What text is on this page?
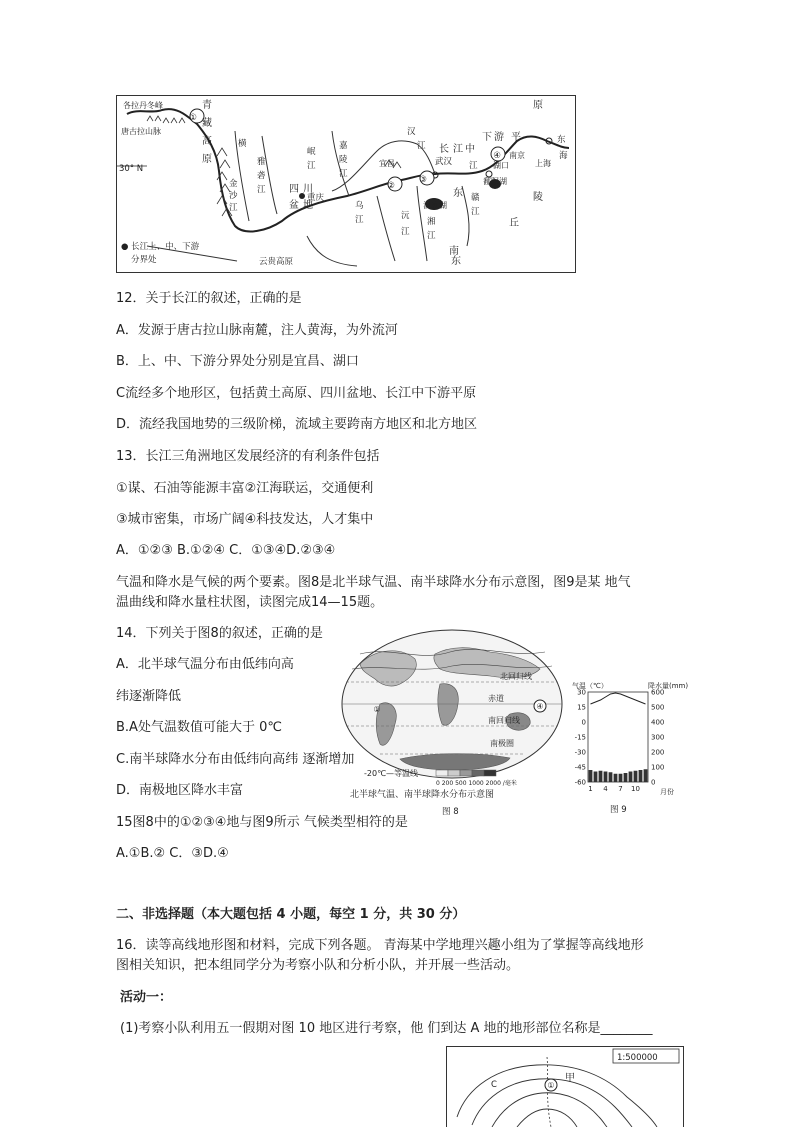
各拉丹冬峰
唐古拉山脉
30° N
①
青
藏
高
原
横
金
沙
江
雅
砻
江
岷
江
嘉
陵
江
汉
江
四 川
盆 地
重庆
宜昌
乌
江	沅
江
洞庭湖
湘
江
②
③
武汉
长 江 中
下 游
④
平
原
南京
上海
东
海
湖口
鄱阳湖
赣
江
江
东
南
丘
陵
东
● 长江上、中、下游
分界处	云贵高原
12．关于长江的叙述，正确的是
A．发源于唐古拉山脉南麓，注人黄海，为外流河
B．上、中、下游分界处分别是宜昌、湖口
C流经多个地形区，包括黄土高原、四川盆地、长江中下游平原
D．流经我国地势的三级阶梯，流域主要跨南方地区和北方地区
13．长江三角洲地区发展经济的有利条件包括
①谋、石油等能源丰富②江海联运，交通便利
③城市密集，市场广阔④科技发达，人才集中
A．①②③ B.①②④ C．①③④D.②③④
气温和降水是气候的两个要素。图8是北半球气温、南半球降水分布示意图，图9是某 地气
温曲线和降水量柱状图，读图完成14—15题。
14．下列关于图8的叙述，正确的是
A．北半球气温分布由低纬向高
纬逐渐降低
B.A处气温数值可能大于 0℃
C.南半球降水分布由低纬向高纬 逐渐增加
D．南极地区降水丰富
北回归线
赤道
南回归线
南极圈
④
①
-20℃—等温线
0 200 500 1000 2000 /毫米
北半球气温、南半球降水分布示意图
图 8
气温（℃）	降水量(mm)
30
15
0
-15
-30
-45
-60
600
500
400
300
200
100
0
1 4 7 10	月份
图 9
15图8中的①②③④地与图9所示 气候类型相符的是
A.①B.② C．③D.④
二、非选择题（本大题包括 4 小题，每空 1 分，共 30 分）
16．读等高线地形图和材料，完成下列各题。 青海某中学地理兴趣小组为了掌握等高线地形
图相关知识，把本组同学分为考察小队和分析小队，并开展一些活动。
活动一：
(1)考察小队利用五一假期对图 10 地区进行考察，他 们到达 A 地的地形部位名称是________
1:500000
C	①
甲
